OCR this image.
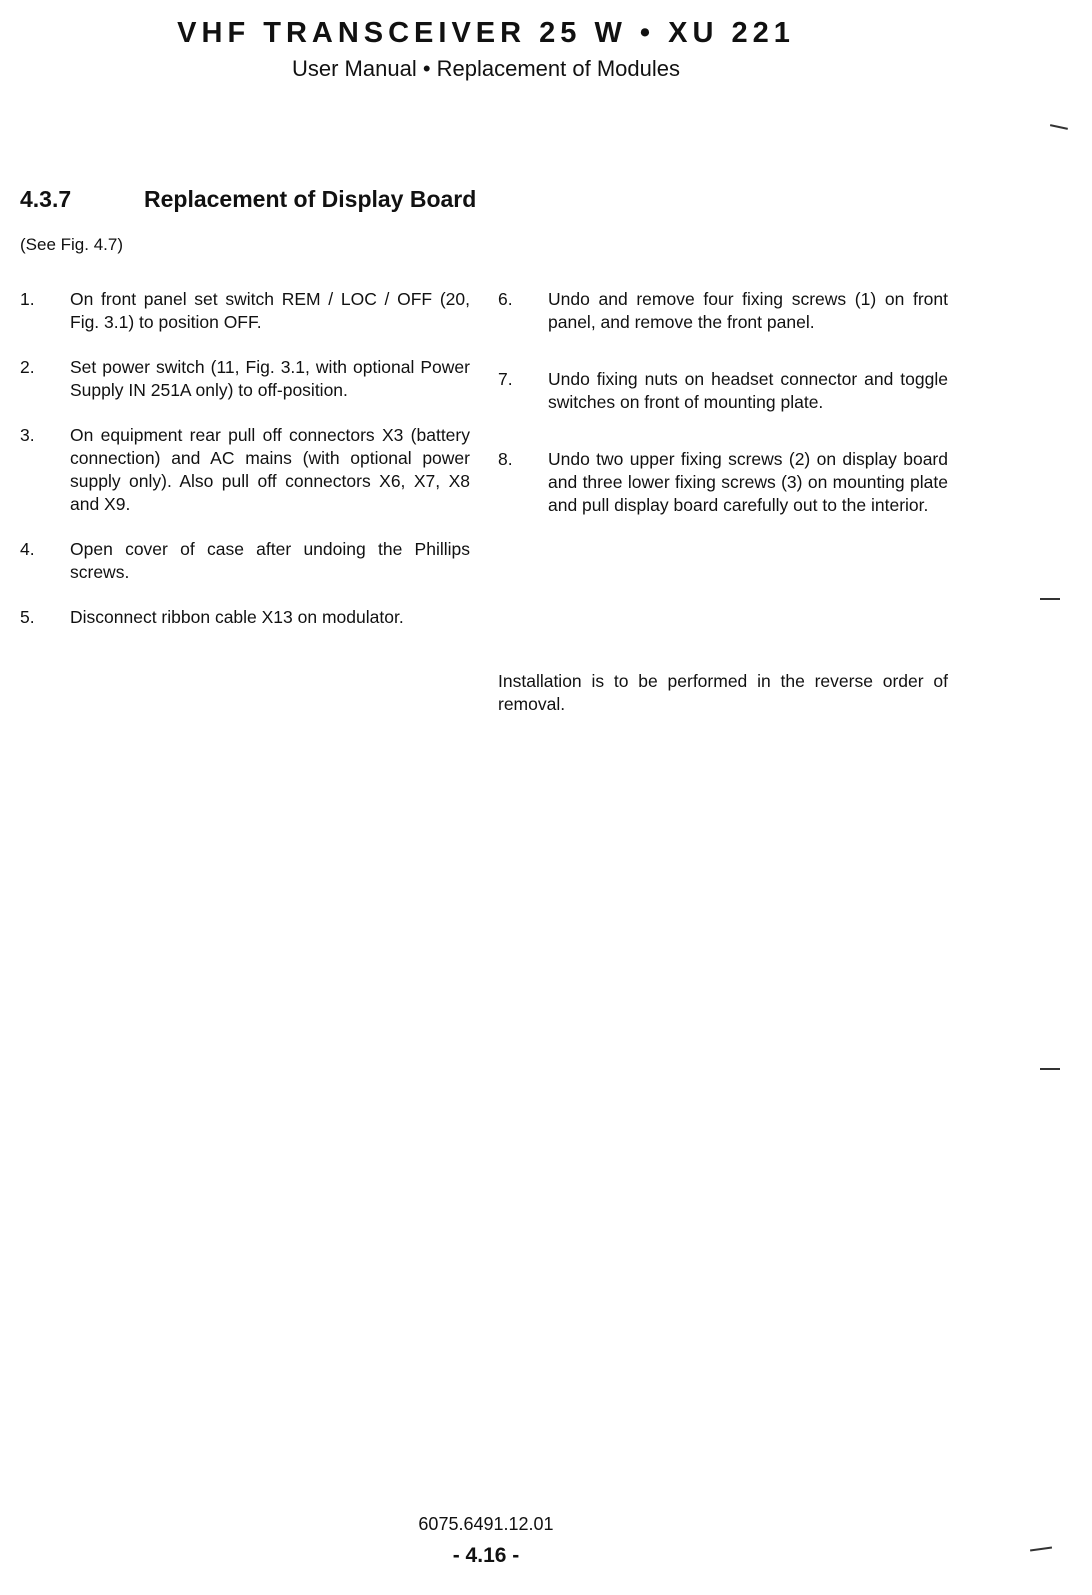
VHF TRANSCEIVER 25 W • XU 221
User Manual • Replacement of Modules
4.3.7	Replacement of Display Board
(See Fig. 4.7)
1.	On front panel set switch REM / LOC / OFF (20, Fig. 3.1) to position OFF.
2.	Set power switch (11, Fig. 3.1, with optional Power Supply IN 251A only) to off-position.
3.	On equipment rear pull off connectors X3 (battery connection) and AC mains (with optional power supply only). Also pull off connectors X6, X7, X8 and X9.
4.	Open cover of case after undoing the Phillips screws.
5.	Disconnect ribbon cable X13 on modulator.
6.	Undo and remove four fixing screws (1) on front panel, and remove the front panel.
7.	Undo fixing nuts on headset connector and toggle switches on front of mounting plate.
8.	Undo two upper fixing screws (2) on display board and three lower fixing screws (3) on mounting plate and pull display board carefully out to the interior.

Installation is to be performed in the reverse order of removal.

6075.6491.12.01
- 4.16 -
